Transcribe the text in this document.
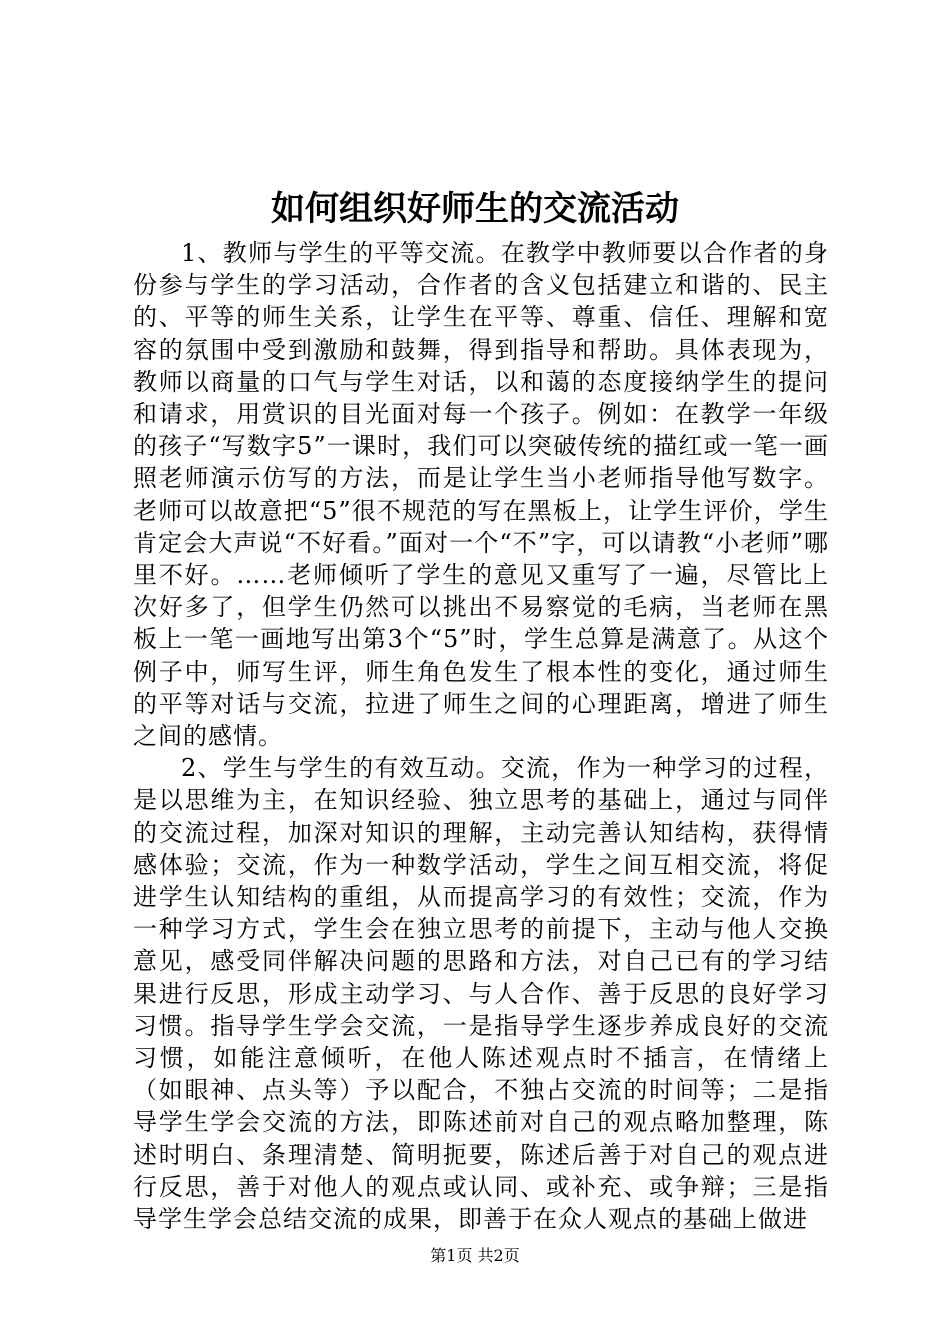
如何组织好师生的交流活动

1、教师与学生的平等交流。在教学中教师要以合作者的身份参与学生的学习活动，合作者的含义包括建立和谐的、民主的、平等的师生关系，让学生在平等、尊重、信任、理解和宽容的氛围中受到激励和鼓舞，得到指导和帮助。具体表现为，教师以商量的口气与学生对话，以和蔼的态度接纳学生的提问和请求，用赏识的目光面对每一个孩子。例如：在教学一年级的孩子“写数字5”一课时，我们可以突破传统的描红或一笔一画照老师演示仿写的方法，而是让学生当小老师指导他写数字。老师可以故意把“5”很不规范的写在黑板上，让学生评价，学生肯定会大声说“不好看。”面对一个“不”字，可以请教“小老师”哪里不好。……老师倾听了学生的意见又重写了一遍，尽管比上次好多了，但学生仍然可以挑出不易察觉的毛病，当老师在黑板上一笔一画地写出第3个“5”时，学生总算是满意了。从这个例子中，师写生评，师生角色发生了根本性的变化，通过师生的平等对话与交流，拉进了师生之间的心理距离，增进了师生之间的感情。

2、学生与学生的有效互动。交流，作为一种学习的过程，是以思维为主，在知识经验、独立思考的基础上，通过与同伴的交流过程，加深对知识的理解，主动完善认知结构，获得情感体验；交流，作为一种数学活动，学生之间互相交流，将促进学生认知结构的重组，从而提高学习的有效性；交流，作为一种学习方式，学生会在独立思考的前提下，主动与他人交换意见，感受同伴解决问题的思路和方法，对自己已有的学习结果进行反思，形成主动学习、与人合作、善于反思的良好学习习惯。指导学生学会交流，一是指导学生逐步养成良好的交流习惯，如能注意倾听，在他人陈述观点时不插言，在情绪上（如眼神、点头等）予以配合，不独占交流的时间等；二是指导学生学会交流的方法，即陈述前对自己的观点略加整理，陈述时明白、条理清楚、简明扼要，陈述后善于对自己的观点进行反思，善于对他人的观点或认同、或补充、或争辩；三是指导学生学会总结交流的成果，即善于在众人观点的基础上做进

第1页 共2页
